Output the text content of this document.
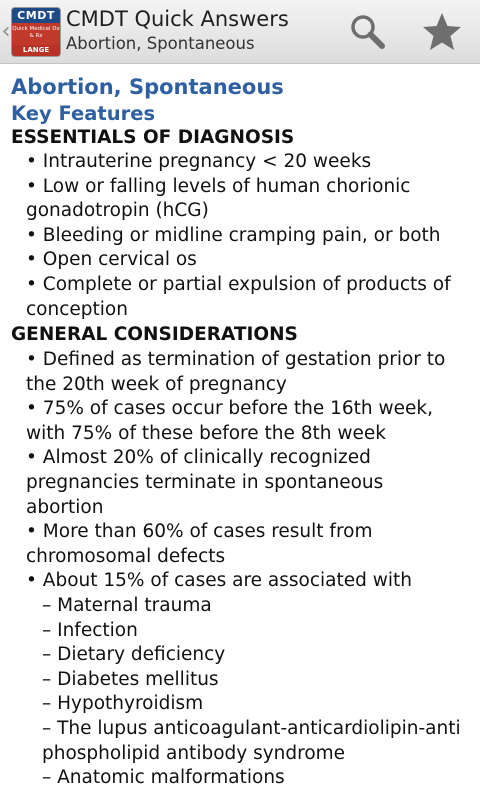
‹
CMDT
Quick Medical Dx & Rx
LANGE
CMDT Quick Answers
Abortion, Spontaneous
Abortion, Spontaneous
Key Features
ESSENTIALS OF DIAGNOSIS
• Intrauterine pregnancy < 20 weeks
• Low or falling levels of human chorionic gonadotropin (hCG)
• Bleeding or midline cramping pain, or both
• Open cervical os
• Complete or partial expulsion of products of conception
GENERAL CONSIDERATIONS
• Defined as termination of gestation prior to the 20th week of pregnancy
• 75% of cases occur before the 16th week, with 75% of these before the 8th week
• Almost 20% of clinically recognized pregnancies terminate in spontaneous abortion
• More than 60% of cases result from chromosomal defects
• About 15% of cases are associated with
– Maternal trauma
– Infection
– Dietary deficiency
– Diabetes mellitus
– Hypothyroidism
– The lupus anticoagulant-anticardiolipin-antiphospholipid antibody syndrome
– Anatomic malformations
